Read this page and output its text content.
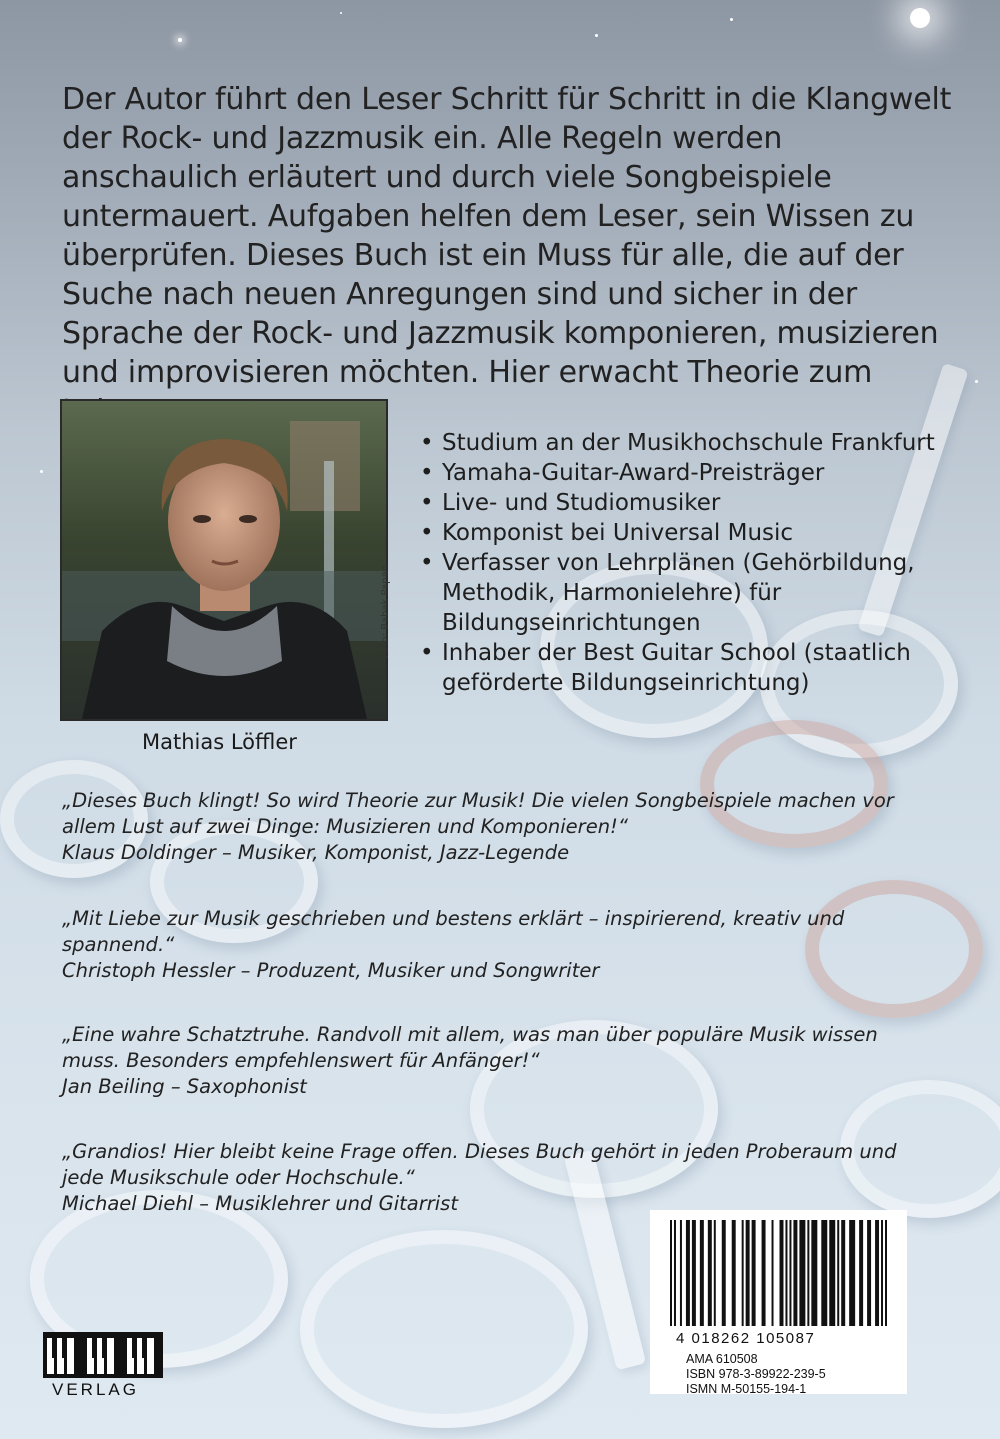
Der Autor führt den Leser Schritt für Schritt in die Klangwelt der Rock- und Jazzmusik ein. Alle Regeln werden anschaulich erläutert und durch viele Songbeispiele untermauert. Aufgaben helfen dem Leser, sein Wissen zu überprüfen. Dieses Buch ist ein Muss für alle, die auf der Suche nach neuen Anregungen sind und sicher in der Sprache der Rock- und Jazzmusik komponieren, musizieren und improvisieren möchten. Hier erwacht Theorie zum

Foto: Babak Papan

Mathias Löffler

• Studium an der Musikhochschule Frankfurt
• Yamaha-Guitar-Award-Preisträger
• Live- und Studiomusiker
• Komponist bei Universal Music
• Verfasser von Lehrplänen (Gehörbildung, Methodik, Harmonielehre) für Bildungseinrichtungen
• Inhaber der Best Guitar School (staatlich geförderte Bildungseinrichtung)

„Dieses Buch klingt! So wird Theorie zur Musik! Die vielen Songbeispiele machen vor allem Lust auf zwei Dinge: Musizieren und Komponieren!“

Klaus Doldinger – Musiker, Komponist, Jazz-Legende

„Mit Liebe zur Musik geschrieben und bestens erklärt – inspirierend, kreativ und spannend.“

Christoph Hessler – Produzent, Musiker und Songwriter

„Eine wahre Schatztruhe. Randvoll mit allem, was man über populäre Musik wissen muss. Besonders empfehlenswert für Anfänger!“

Jan Beiling – Saxophonist

„Grandios! Hier bleibt keine Frage offen. Dieses Buch gehört in jeden Proberaum und jede Musikschule oder Hochschule.“

Michael Diehl – Musiklehrer und Gitarrist

4 018262 105087
AMA 610508
ISBN 978-3-89922-239-5
ISMN M-50155-194-1
VERLAG
